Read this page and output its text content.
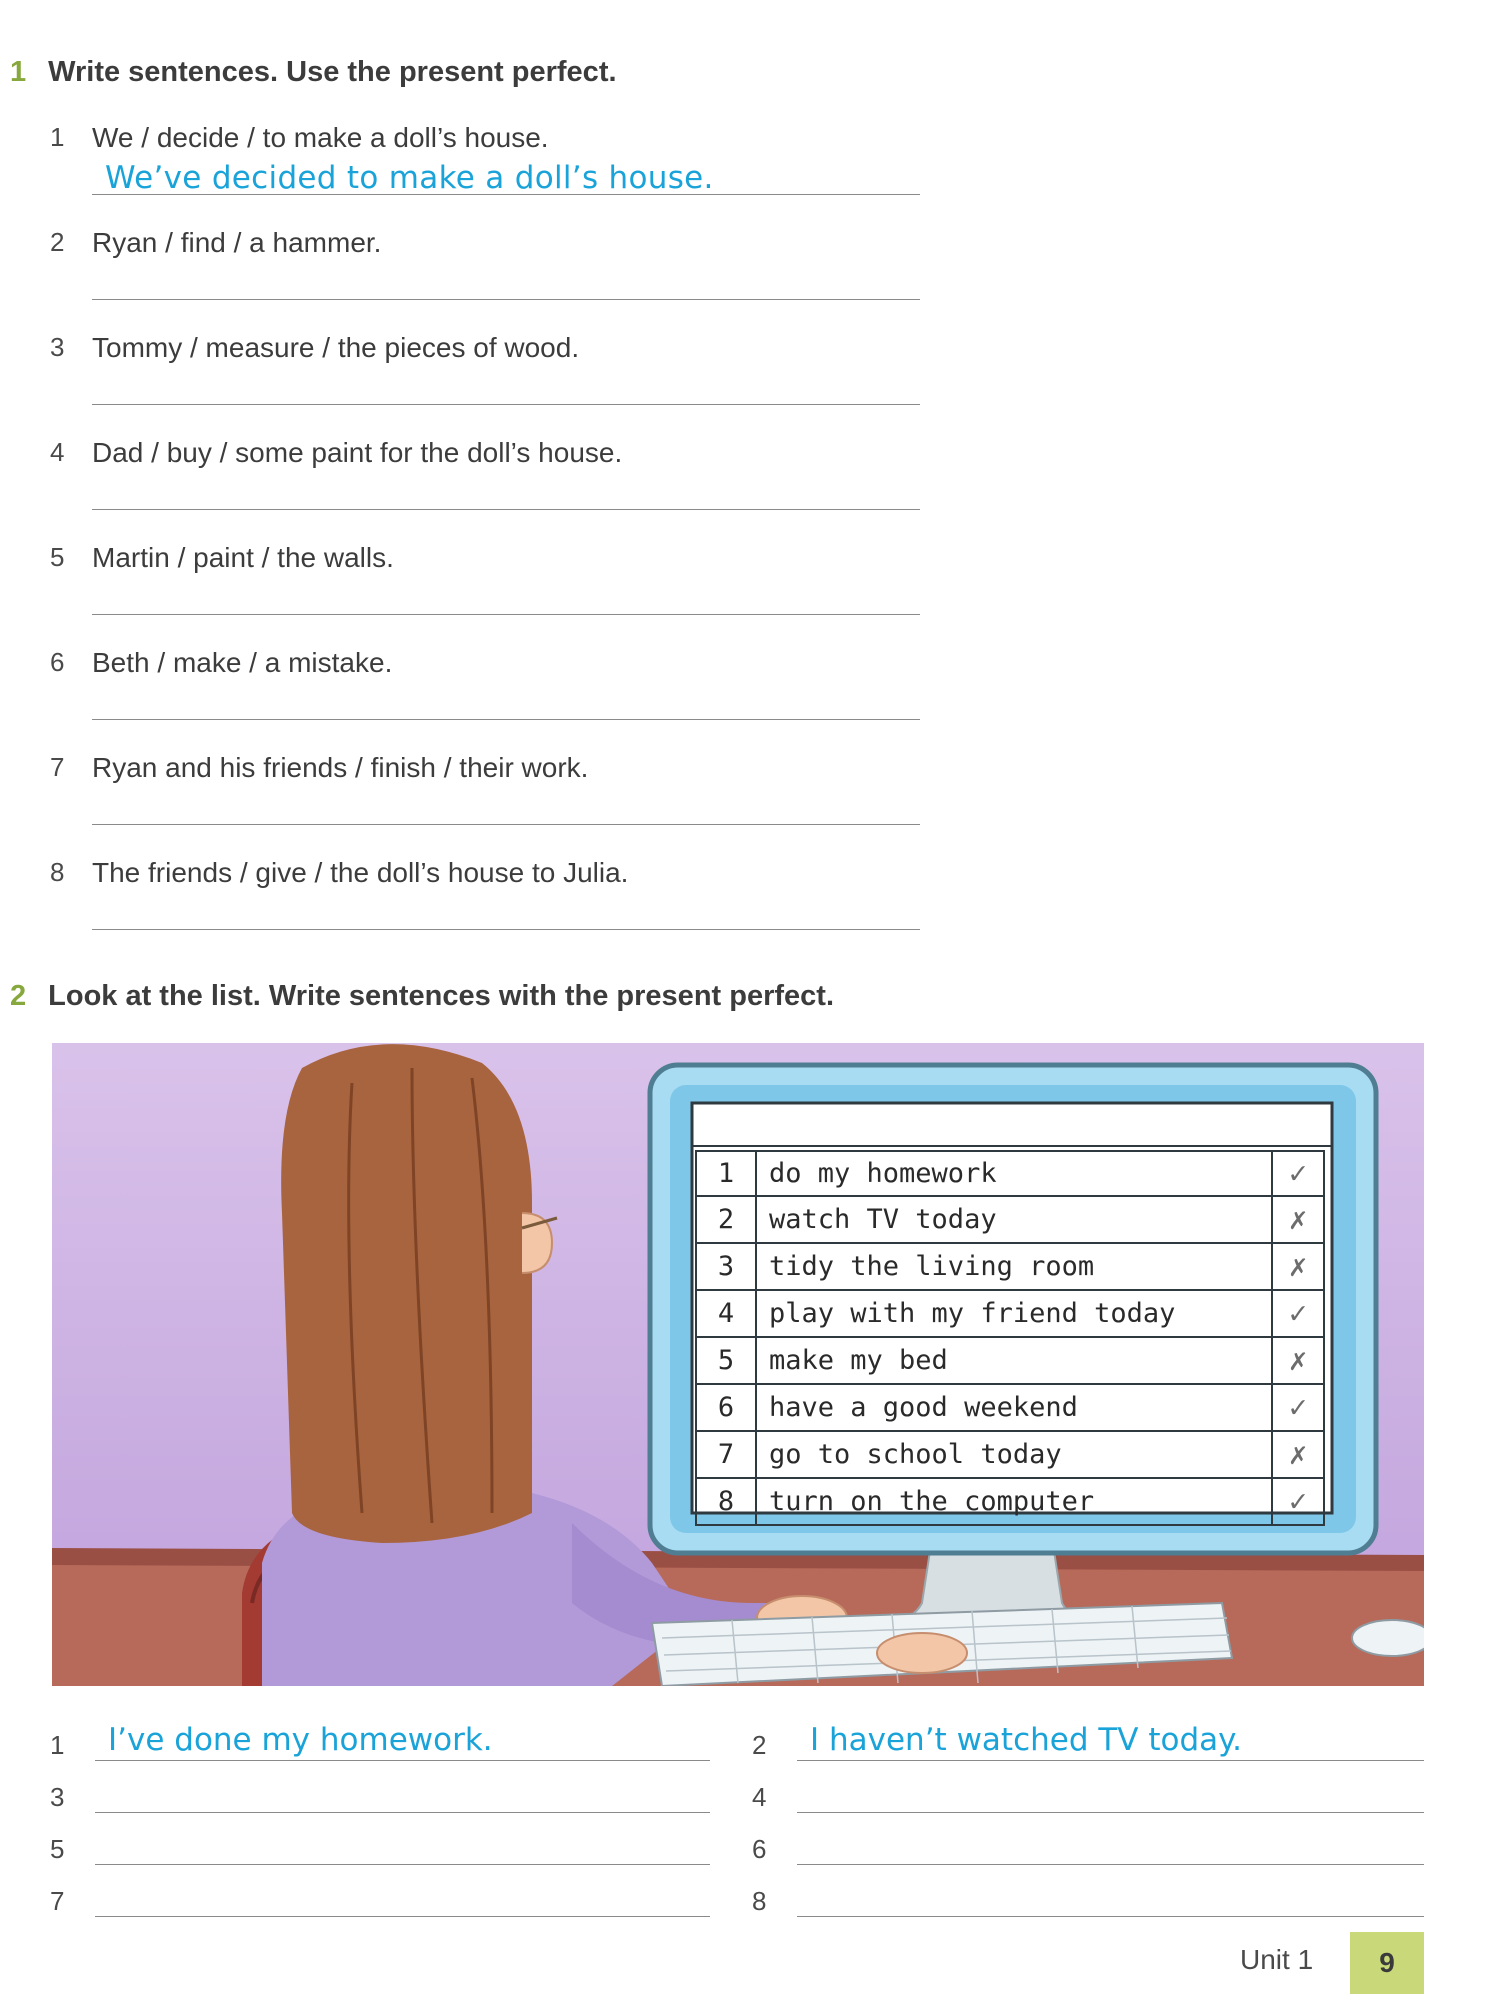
1 Write sentences. Use the present perfect.
1 We / decide / to make a doll’s house.
We’ve decided to make a doll’s house.
2 Ryan / find / a hammer.
3 Tommy / measure / the pieces of wood.
4 Dad / buy / some paint for the doll’s house.
5 Martin / paint / the walls.
6 Beth / make / a mistake.
7 Ryan and his friends / finish / their work.
8 The friends / give / the doll’s house to Julia.
2 Look at the list. Write sentences with the present perfect.
1	do my homework	✓
2	watch TV today	✗
3	tidy the living room	✗
4	play with my friend today	✓
5	make my bed	✗
6	have a good weekend	✓
7	go to school today	✗
8	turn on the computer	✓
1 I’ve done my homework.	2 I haven’t watched TV today.
3	4
5	6
7	8
Unit 1	9
